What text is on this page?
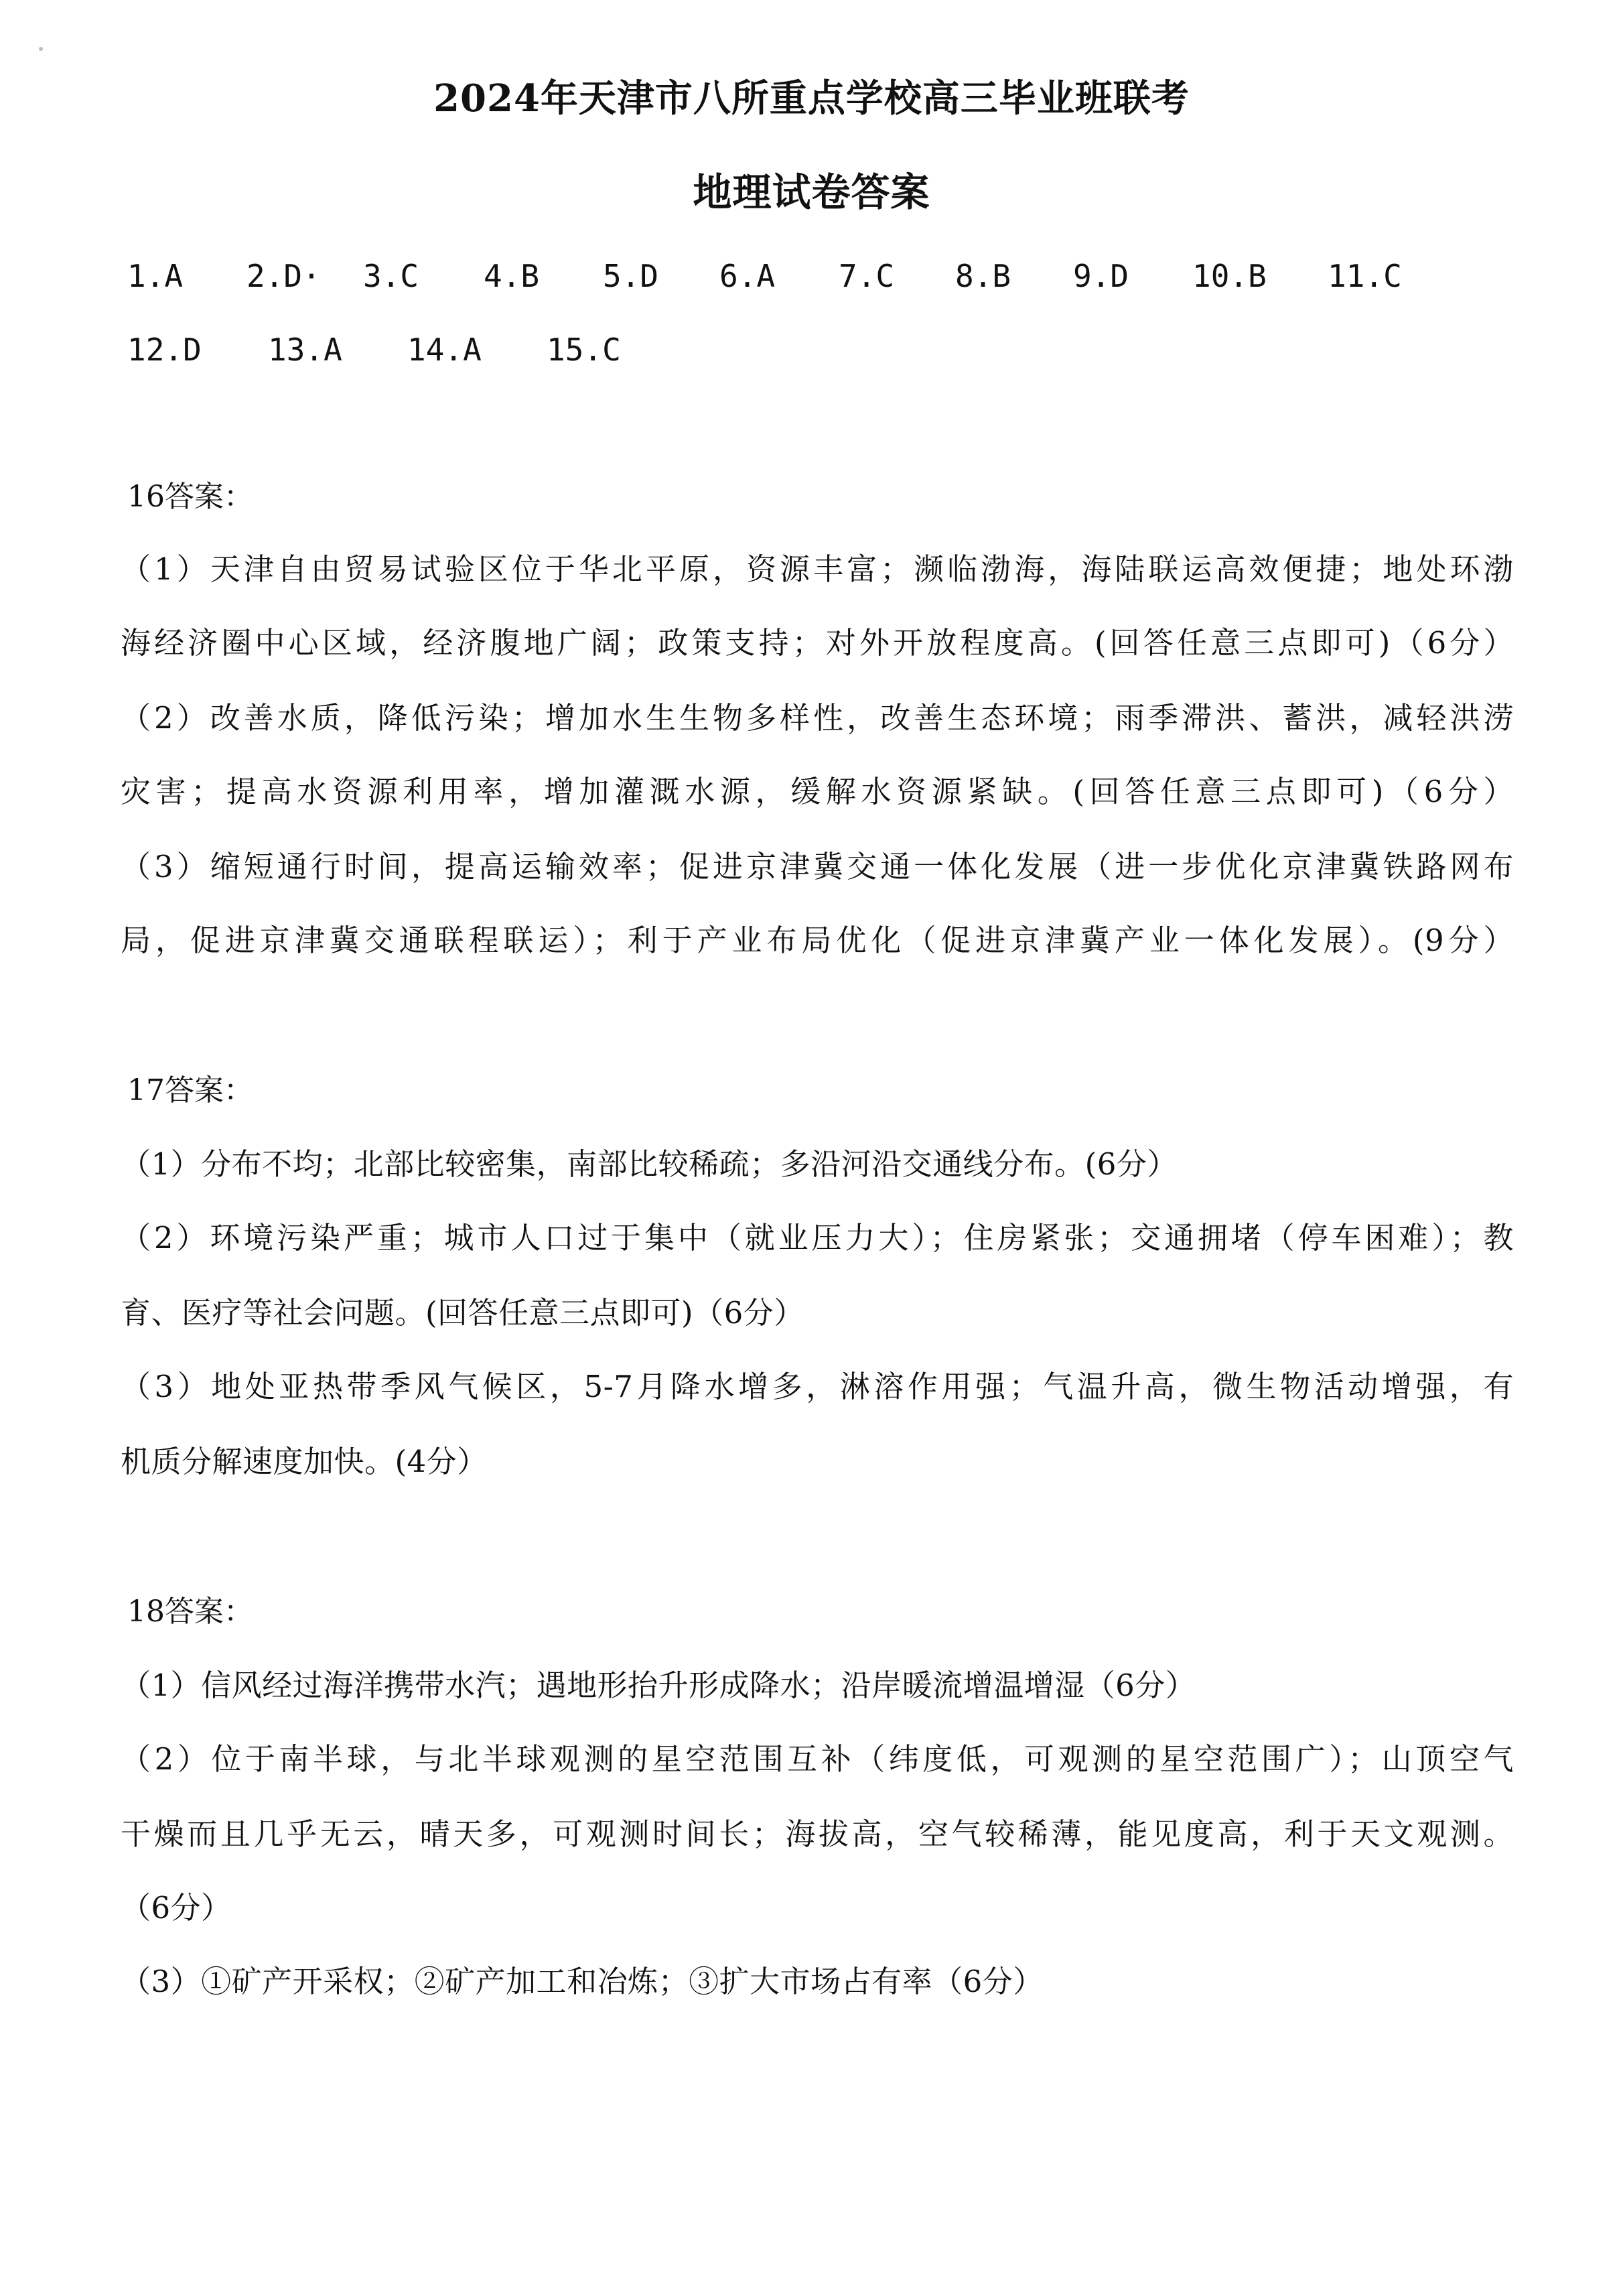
2024年天津市八所重点学校高三毕业班联考
地理试卷答案
1.A 2.D· 3.C 4.B 5.D 6.A 7.C 8.B 9.D 10.B 11.C
12.D 13.A 14.A 15.C
16答案：
（1）天津自由贸易试验区位于华北平原，资源丰富；濒临渤海，海陆联运高效便捷；地处环渤
海经济圈中心区域，经济腹地广阔；政策支持；对外开放程度高。(回答任意三点即可)（6分）
（2）改善水质，降低污染；增加水生生物多样性，改善生态环境；雨季滞洪、蓄洪，减轻洪涝
灾害；提高水资源利用率，增加灌溉水源，缓解水资源紧缺。(回答任意三点即可)（6分）
（3）缩短通行时间，提高运输效率；促进京津冀交通一体化发展（进一步优化京津冀铁路网布
局，促进京津冀交通联程联运）；利于产业布局优化（促进京津冀产业一体化发展）。(9分）
17答案：
（1）分布不均；北部比较密集，南部比较稀疏；多沿河沿交通线分布。(6分）
（2）环境污染严重；城市人口过于集中（就业压力大）；住房紧张；交通拥堵（停车困难）；教
育、医疗等社会问题。(回答任意三点即可)（6分）
（3）地处亚热带季风气候区，5-7月降水增多，淋溶作用强；气温升高，微生物活动增强，有
机质分解速度加快。(4分）
18答案：
（1）信风经过海洋携带水汽；遇地形抬升形成降水；沿岸暖流增温增湿（6分）
（2）位于南半球，与北半球观测的星空范围互补（纬度低，可观测的星空范围广）；山顶空气
干燥而且几乎无云，晴天多，可观测时间长；海拔高，空气较稀薄，能见度高，利于天文观测。
（6分）
（3）①矿产开采权；②矿产加工和冶炼；③扩大市场占有率（6分）
